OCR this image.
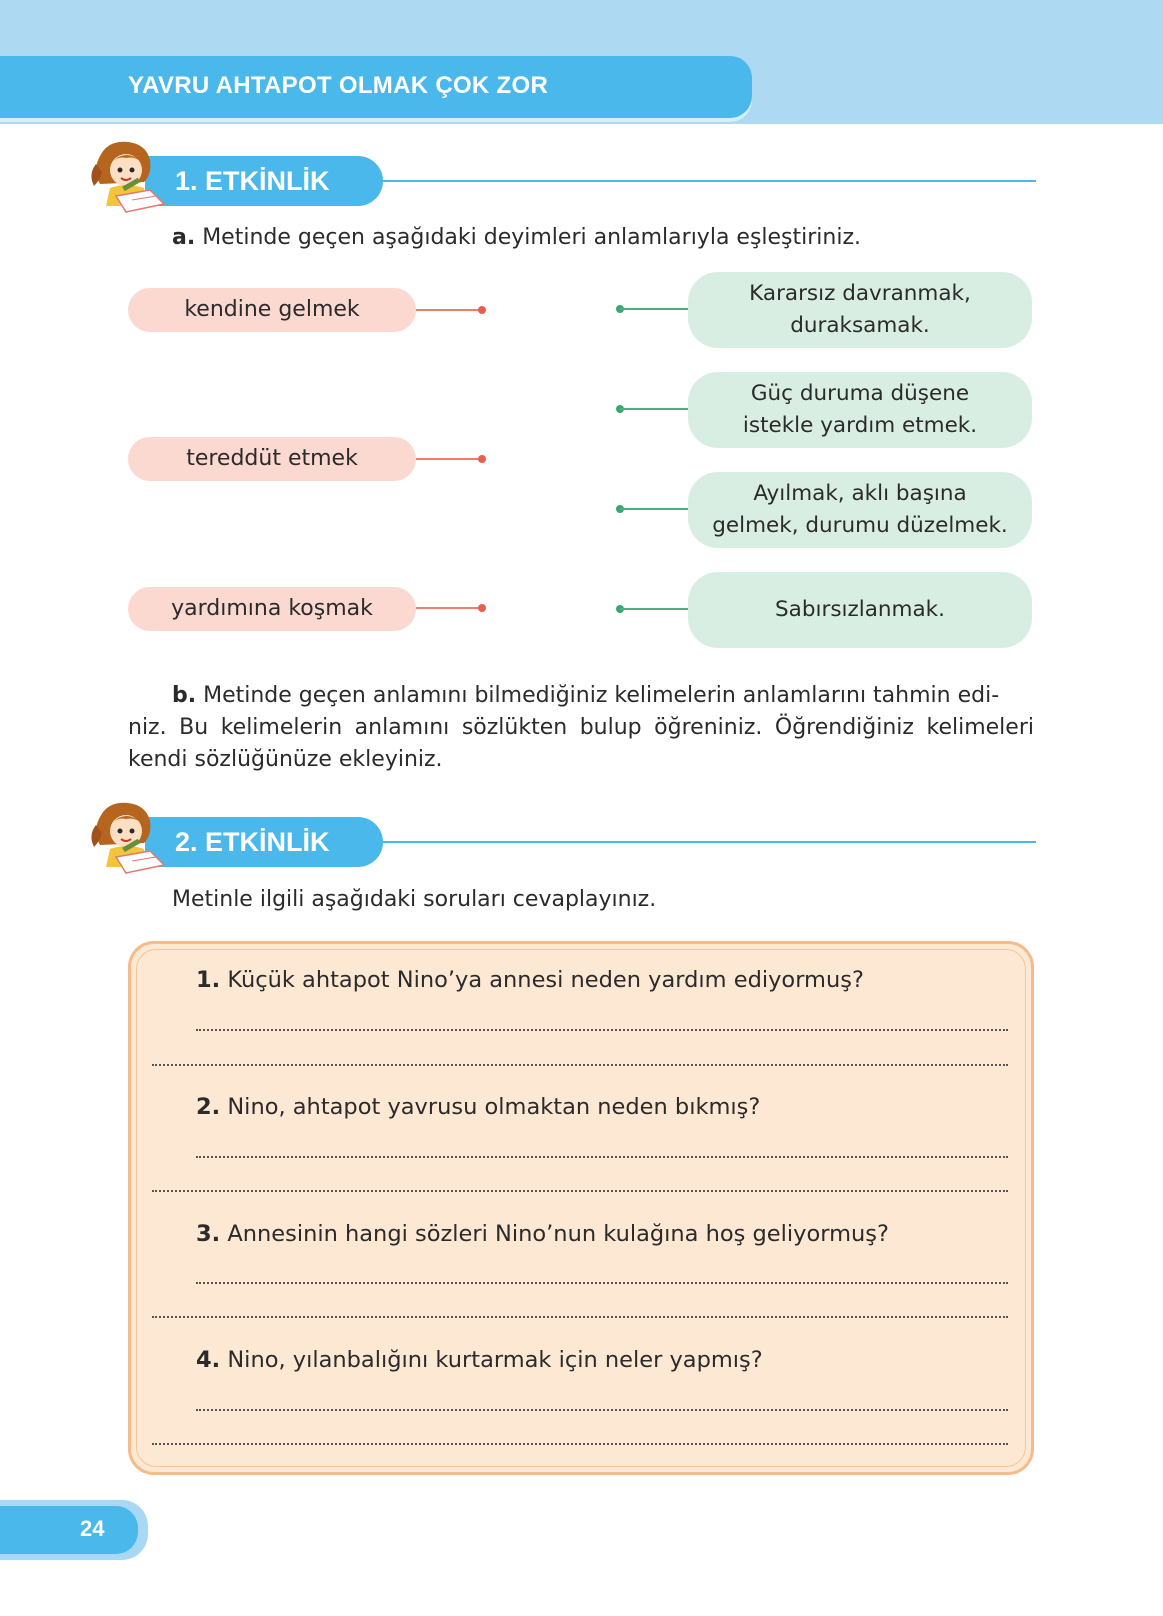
YAVRU AHTAPOT OLMAK ÇOK ZOR
1. ETKİNLİK
a. Metinde geçen aşağıdaki deyimleri anlamlarıyla eşleştiriniz.
kendine gelmek
tereddüt etmek
yardımına koşmak
Kararsız davranmak,
duraksamak.
Güç duruma düşene
istekle yardım etmek.
Ayılmak, aklı başına
gelmek, durumu düzelmek.
Sabırsızlanmak.
b. Metinde geçen anlamını bilmediğiniz kelimelerin anlamlarını tahmin edi-
niz. Bu kelimelerin anlamını sözlükten bulup öğreniniz. Öğrendiğiniz kelimeleri
kendi sözlüğünüze ekleyiniz.
2. ETKİNLİK
Metinle ilgili aşağıdaki soruları cevaplayınız.
1. Küçük ahtapot Nino’ya annesi neden yardım ediyormuş?
2. Nino, ahtapot yavrusu olmaktan neden bıkmış?
3. Annesinin hangi sözleri Nino’nun kulağına hoş geliyormuş?
4. Nino, yılanbalığını kurtarmak için neler yapmış?
24
